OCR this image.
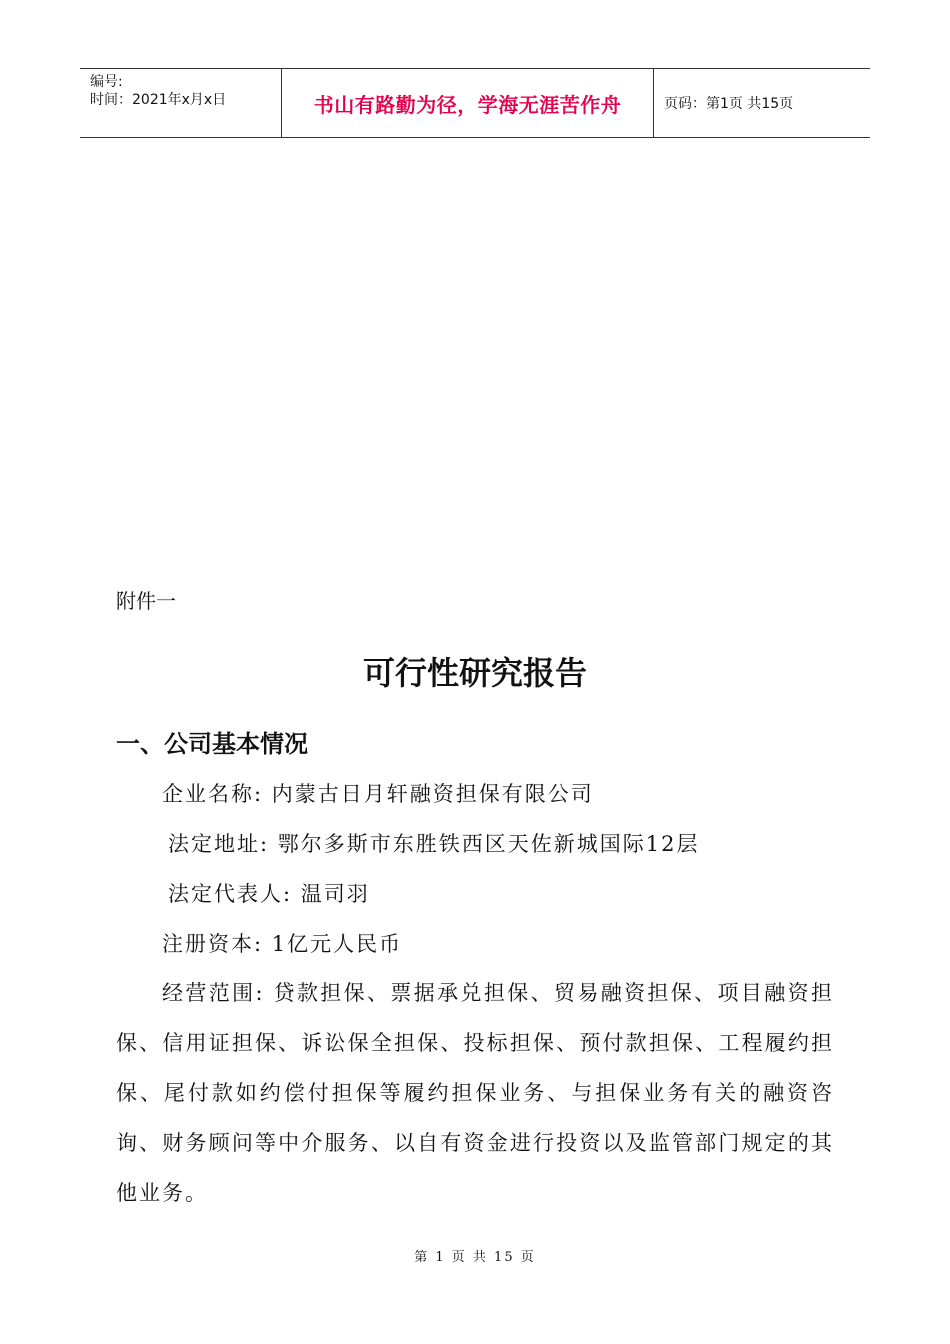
编号:
时间：2021年x月x日	书山有路勤为径，学海无涯苦作舟	页码：第1页 共15页
附件一
可行性研究报告
一、公司基本情况
企业名称: 内蒙古日月轩融资担保有限公司
法定地址: 鄂尔多斯市东胜铁西区天佐新城国际12层
法定代表人: 温司羽
注册资本: 1亿元人民币
经营范围: 贷款担保、票据承兑担保、贸易融资担保、项目融资担保、信用证担保、诉讼保全担保、投标担保、预付款担保、工程履约担保、尾付款如约偿付担保等履约担保业务、与担保业务有关的融资咨询、财务顾问等中介服务、以自有资金进行投资以及监管部门规定的其他业务。
第 1 页 共 15 页
